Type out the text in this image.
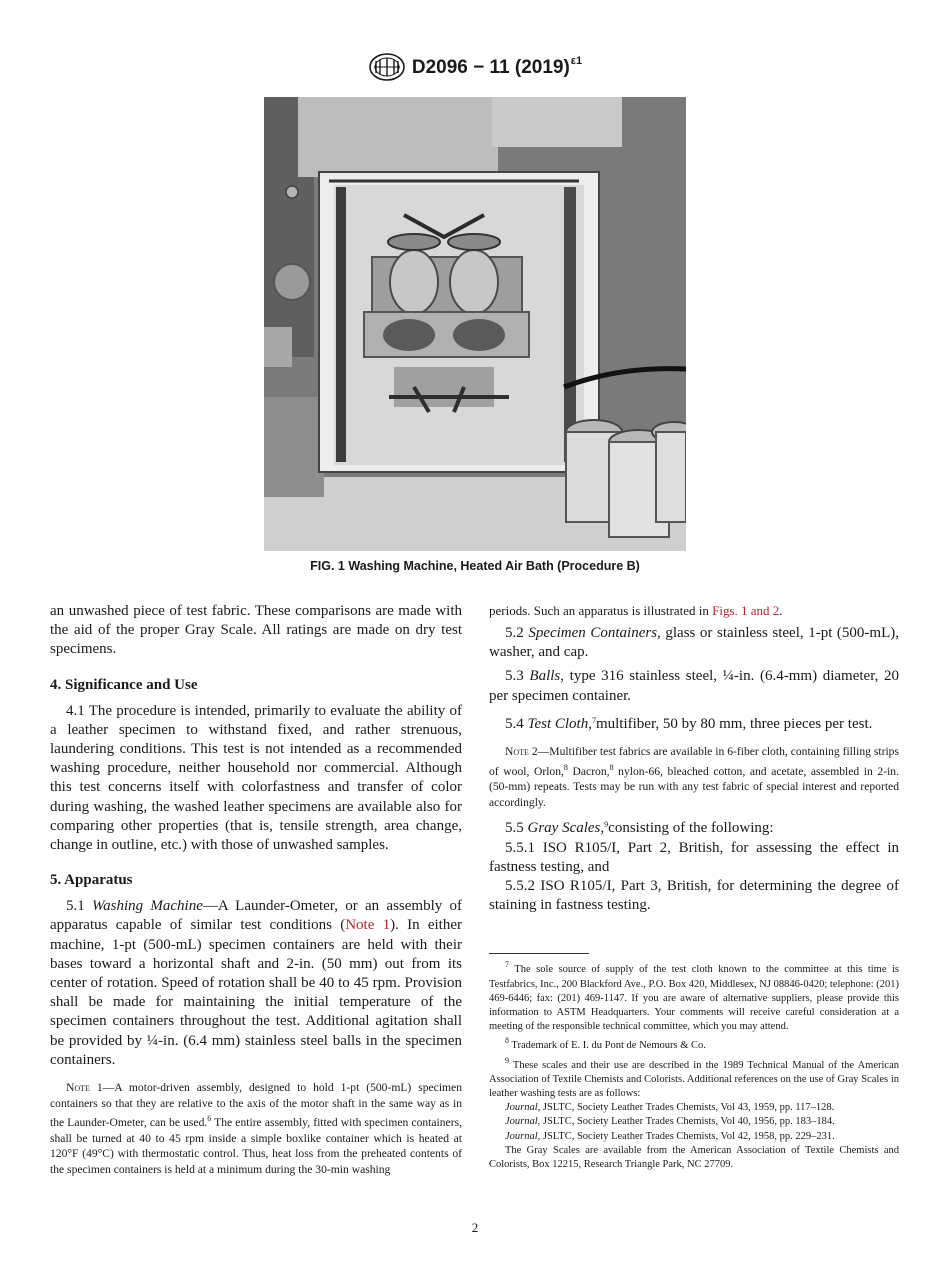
D2096 − 11 $(2019)^{\varepsilon 1}$
FIG. 1 Washing Machine, Heated Air Bath (Procedure B)

an unwashed piece of test fabric. These comparisons are made with the aid of the proper Gray Scale. All ratings are made on dry test specimens.

4. Significance and Use

4.1 The procedure is intended, primarily to evaluate the ability of a leather specimen to withstand fixed, and rather strenuous, laundering conditions. This test is not intended as a recommended washing procedure, neither household nor commercial. Although this test concerns itself with colorfastness and transfer of color during washing, the washed leather specimens are available also for comparing other properties (that is, tensile strength, area change, change in outline, etc.) with those of unwashed samples.

5. Apparatus

5.1 Washing Machine—A Launder-Ometer, or an assembly of apparatus capable of similar test conditions (Note 1). In either machine, 1-pt (500-mL) specimen containers are held with their bases toward a horizontal shaft and 2-in. (50 mm) out from its center of rotation. Speed of rotation shall be 40 to 45 rpm. Provision shall be made for maintaining the initial temperature of the specimen containers throughout the test. Additional agitation shall be provided by ¼-in. (6.4 mm) stainless steel balls in the specimen containers.

Note 1—A motor-driven assembly, designed to hold 1-pt (500-mL) specimen containers so that they are relative to the axis of the motor shaft in the same way as in the Launder-Ometer, can be used.$^6$ The entire assembly, fitted with specimen containers, shall be turned at 40 to 45 rpm inside a simple boxlike container which is heated at 120°F (49°C) with thermostatic control. Thus, heat loss from the preheated contents of the specimen containers is held at a minimum during the 30-min washing

periods. Such an apparatus is illustrated in Figs. 1 and 2.

5.2 Specimen Containers, glass or stainless steel, 1-pt (500-mL), washer, and cap.

5.3 Balls, type 316 stainless steel, ¼-in. (6.4-mm) diameter, 20 per specimen container.

5.4 Test Cloth,$^7$multifiber, 50 by 80 mm, three pieces per test.

Note 2—Multifiber test fabrics are available in 6-fiber cloth, containing filling strips of wool, Orlon,$^8$ Dacron,$^8$ nylon-66, bleached cotton, and acetate, assembled in 2-in. (50-mm) repeats. Tests may be run with any test fabric of special interest and reported accordingly.

5.5 Gray Scales,$^9$consisting of the following:

5.5.1 ISO R105/I, Part 2, British, for assessing the effect in fastness testing, and

5.5.2 ISO R105/I, Part 3, British, for determining the degree of staining in fastness testing.

$^7$ The sole source of supply of the test cloth known to the committee at this time is Testfabrics, Inc., 200 Blackford Ave., P.O. Box 420, Middlesex, NJ 08846-0420; telephone: (201) 469-6446; fax: (201) 469-1147. If you are aware of alternative suppliers, please provide this information to ASTM Headquarters. Your comments will receive careful consideration at a meeting of the responsible technical committee, which you may attend.

$^8$ Trademark of E. I. du Pont de Nemours & Co.

$^9$ These scales and their use are described in the 1989 Technical Manual of the American Association of Textile Chemists and Colorists. Additional references on the use of Gray Scales in leather washing tests are as follows:

Journal, JSLTC, Society Leather Trades Chemists, Vol 43, 1959, pp. 117–128.

Journal, JSLTC, Society Leather Trades Chemists, Vol 40, 1956, pp. 183–184.

Journal, JSLTC, Society Leather Trades Chemists, Vol 42, 1958, pp. 229–231.

The Gray Scales are available from the American Association of Textile Chemists and Colorists, Box 12215, Research Triangle Park, NC 27709.

2
